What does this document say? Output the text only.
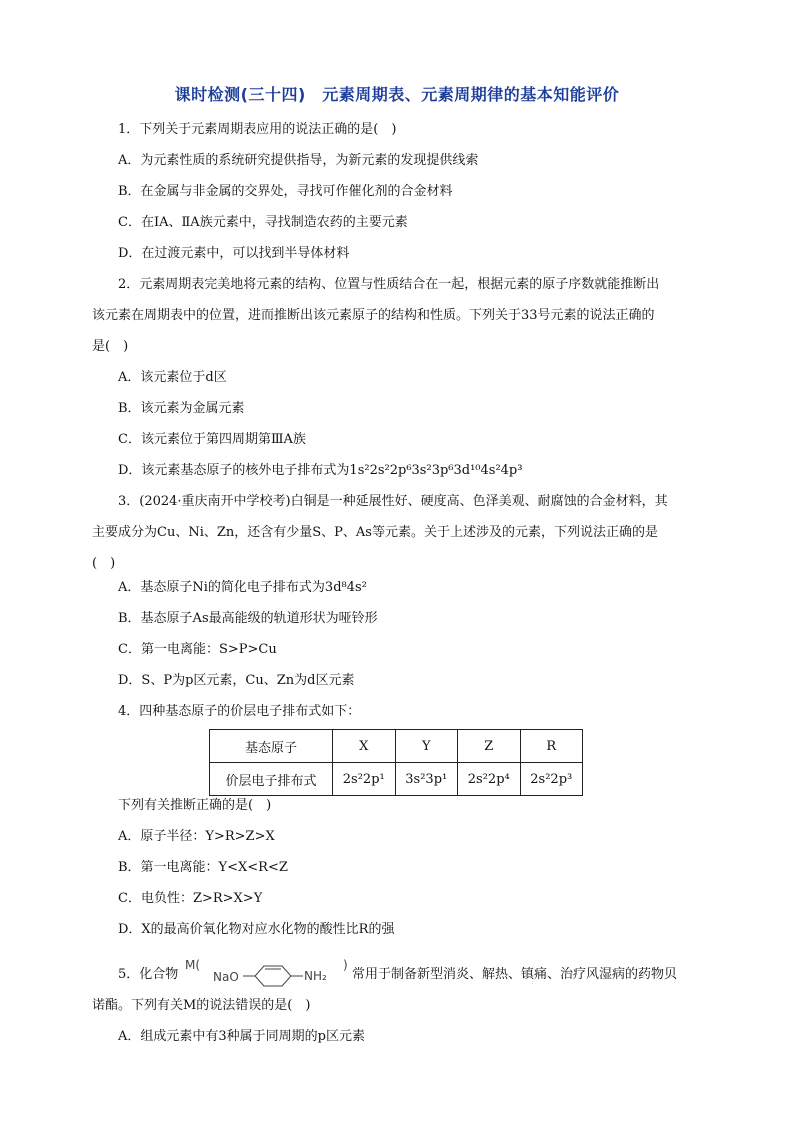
课时检测(三十四)　元素周期表、元素周期律的基本知能评价
1．下列关于元素周期表应用的说法正确的是(　)
A．为元素性质的系统研究提供指导，为新元素的发现提供线索
B．在金属与非金属的交界处，寻找可作催化剂的合金材料
C．在ⅠA、ⅡA族元素中，寻找制造农药的主要元素
D．在过渡元素中，可以找到半导体材料
2．元素周期表完美地将元素的结构、位置与性质结合在一起，根据元素的原子序数就能推断出
该元素在周期表中的位置，进而推断出该元素原子的结构和性质。下列关于33号元素的说法正确的
是(　)
A．该元素位于d区
B．该元素为金属元素
C．该元素位于第四周期第ⅢA族
D．该元素基态原子的核外电子排布式为1s²2s²2p⁶3s²3p⁶3d¹⁰4s²4p³
3．(2024·重庆南开中学校考)白铜是一种延展性好、硬度高、色泽美观、耐腐蚀的合金材料，其
主要成分为Cu、Ni、Zn，还含有少量S、P、As等元素。关于上述涉及的元素，下列说法正确的是
(　)
A．基态原子Ni的简化电子排布式为3d⁸4s²
B．基态原子As最高能级的轨道形状为哑铃形
C．第一电离能：S>P>Cu
D．S、P为p区元素，Cu、Zn为d区元素
4．四种基态原子的价层电子排布式如下：
基态原子	X	Y	Z	R
价层电子排布式	2s²2p¹	3s²3p¹	2s²2p⁴	2s²2p³
下列有关推断正确的是(　)
A．原子半径：Y>R>Z>X
B．第一电离能：Y<X<R<Z
C．电负性：Z>R>X>Y
D．X的最高价氧化物对应水化物的酸性比R的强
5．化合物
M(
NaO	NH₂
)
常用于制备新型消炎、解热、镇痛、治疗风湿病的药物贝
诺酯。下列有关M的说法错误的是(　)
A．组成元素中有3种属于同周期的p区元素
